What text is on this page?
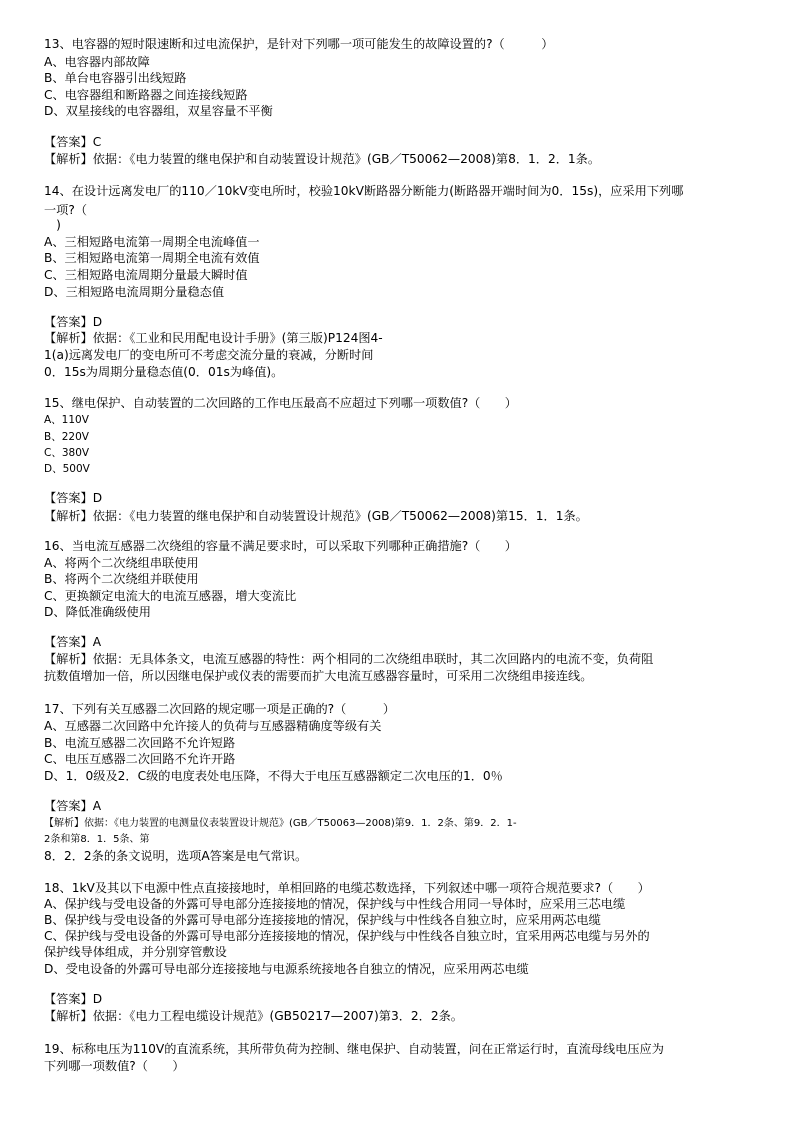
13、电容器的短时限速断和过电流保护，是针对下列哪一项可能发生的故障设置的?（　　　）
A、电容器内部故障
B、单台电容器引出线短路
C、电容器组和断路器之间连接线短路
D、双星接线的电容器组，双星容量不平衡
【答案】C
【解析】依据：《电力装置的继电保护和自动装置设计规范》(GB／T50062—2008)第8．1．2．1条。
14、在设计远离发电厂的110／10kV变电所时，校验10kV断路器分断能力(断路器开端时间为0．15s)，应采用下列哪
一项?（
　)
A、三相短路电流第一周期全电流峰值一
B、三相短路电流第一周期全电流有效值
C、三相短路电流周期分量最大瞬时值
D、三相短路电流周期分量稳态值
【答案】D
【解析】依据：《工业和民用配电设计手册》(第三版)P124图4-
1(a)远离发电厂的变电所可不考虑交流分量的衰减，分断时间
0．15s为周期分量稳态值(0．01s为峰值)。
15、继电保护、自动装置的二次回路的工作电压最高不应超过下列哪一项数值?（　　）
A、110V
B、220V
C、380V
D、500V
【答案】D
【解析】依据：《电力装置的继电保护和自动装置设计规范》(GB／T50062—2008)第15．1．1条。
16、当电流互感器二次绕组的容量不满足要求时，可以采取下列哪种正确措施?（　　）
A、将两个二次绕组串联使用
B、将两个二次绕组并联使用
C、更换额定电流大的电流互感器，增大变流比
D、降低准确级使用
【答案】A
【解析】依据：无具体条文，电流互感器的特性：两个相同的二次绕组串联时，其二次回路内的电流不变，负荷阻
抗数值增加一倍，所以因继电保护或仪表的需要而扩大电流互感器容量时，可采用二次绕组串接连线。
17、下列有关互感器二次回路的规定哪一项是正确的?（　　　）
A、互感器二次回路中允许接人的负荷与互感器精确度等级有关
B、电流互感器二次回路不允许短路
C、电压互感器二次回路不允许开路
D、1．0级及2．C级的电度表处电压降，不得大于电压互感器额定二次电压的1．0％
【答案】A
【解析】依据：《电力装置的电测量仪表装置设计规范》(GB／T50063—2008)第9．1．2条、第9．2．1-
2条和第8．1．5条、第
8．2．2条的条文说明，选项A答案是电气常识。
18、1kV及其以下电源中性点直接接地时，单相回路的电缆芯数选择，下列叙述中哪一项符合规范要求?（　　）
A、保护线与受电设备的外露可导电部分连接接地的情况，保护线与中性线合用同一导体时，应采用三芯电缆
B、保护线与受电设备的外露可导电部分连接接地的情况，保护线与中性线各自独立时，应采用两芯电缆
C、保护线与受电设备的外露可导电部分连接接地的情况，保护线与中性线各自独立时，宜采用两芯电缆与另外的
保护线导体组成，并分别穿管敷设
D、受电设备的外露可导电部分连接接地与电源系统接地各自独立的情况，应采用两芯电缆
【答案】D
【解析】依据：《电力工程电缆设计规范》(GB50217—2007)第3．2．2条。
19、标称电压为110V的直流系统，其所带负荷为控制、继电保护、自动装置，问在正常运行时，直流母线电压应为
下列哪一项数值?（　　）
